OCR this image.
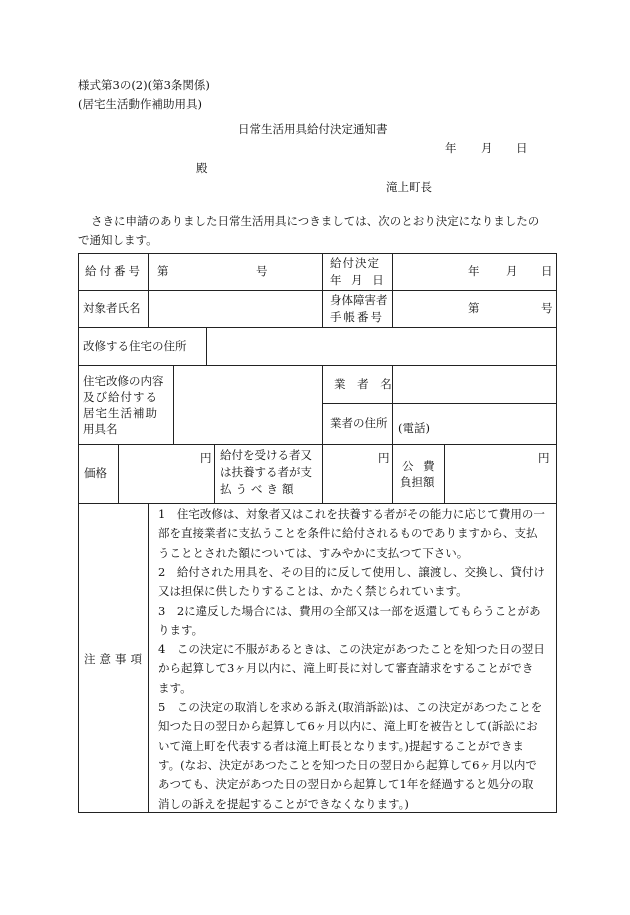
様式第3の(2)(第3条関係)
(居宅生活動作補助用具)
日常生活用具給付決定通知書
年 月 日
殿
滝上町長
さきに申請のありました日常生活用具につきましては、次のとおり決定になりましたの
で通知します。
給付番号 第	号
給付決定
年 月 日
年 月 日
対象者氏名
身体障害者
手帳番号
第	号
改修する住宅の住所
住宅改修の内容
及び給付する
居宅生活補助
用具名
業 者 名
業者の住所 (電話)
価格
円 給付を受ける者又
は扶養する者が支
払うべき額
円
公 費
負担額
円
注意事項
1　住宅改修は、対象者又はこれを扶養する者がその能力に応じて費用の一
部を直接業者に支払うことを条件に給付されるものでありますから、支払
うこととされた額については、すみやかに支払つて下さい。
2　給付された用具を、その目的に反して使用し、譲渡し、交換し、貸付け
又は担保に供したりすることは、かたく禁じられています。
3　2に違反した場合には、費用の全部又は一部を返還してもらうことがあ
ります。
4　この決定に不服があるときは、この決定があつたことを知つた日の翌日
から起算して3ヶ月以内に、滝上町長に対して審査請求をすることができ
ます。
5　この決定の取消しを求める訴え(取消訴訟)は、この決定があつたことを
知つた日の翌日から起算して6ヶ月以内に、滝上町を被告として(訴訟にお
いて滝上町を代表する者は滝上町長となります。)提起することができま
す。(なお、決定があつたことを知つた日の翌日から起算して6ヶ月以内で
あつても、決定があつた日の翌日から起算して1年を経過すると処分の取
消しの訴えを提起することができなくなります。)
